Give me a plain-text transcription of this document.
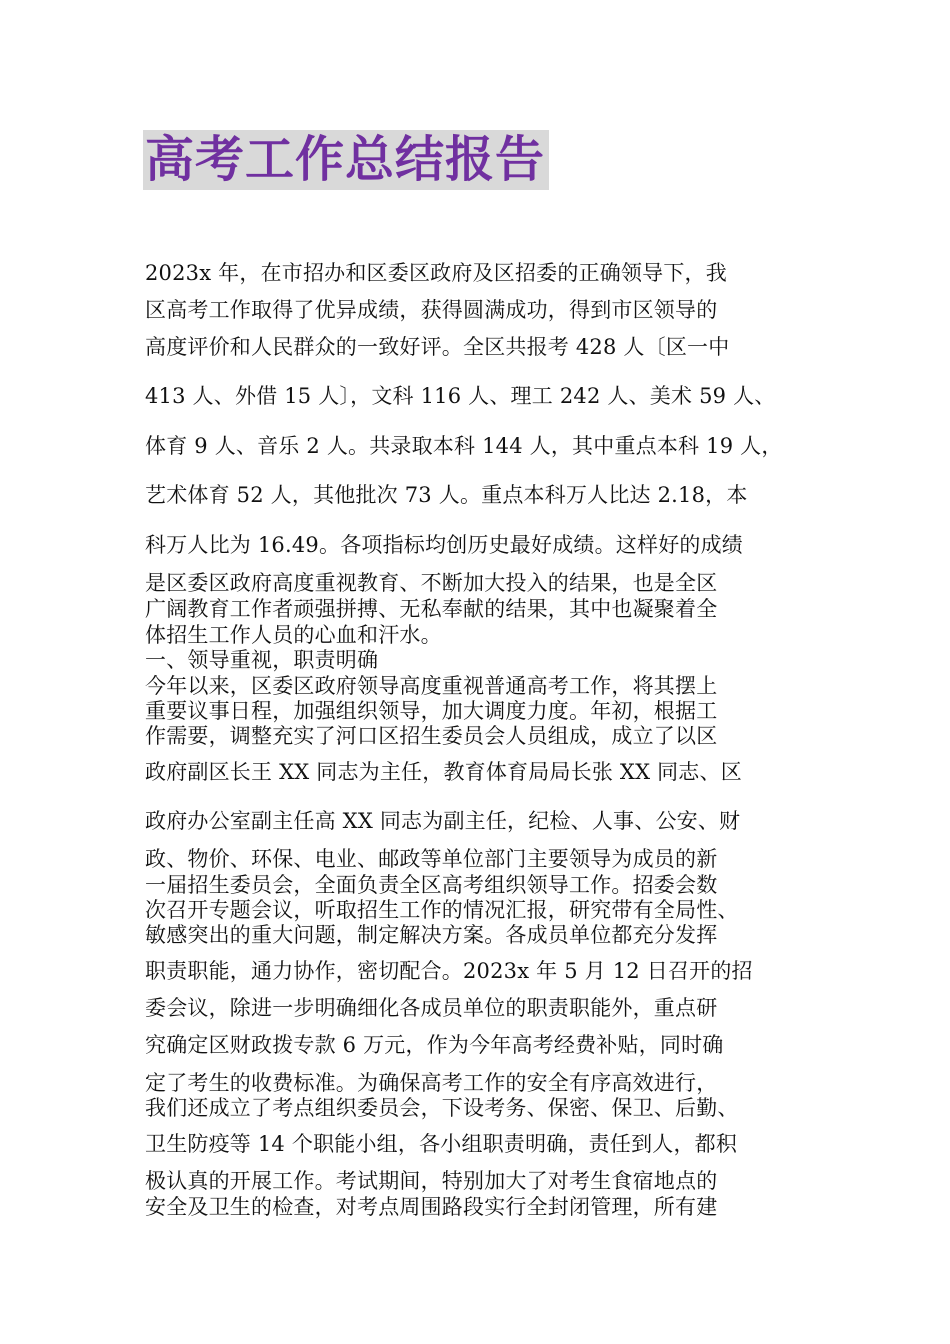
高考工作总结报告
2023x 年，在市招办和区委区政府及区招委的正确领导下，我
区高考工作取得了优异成绩，获得圆满成功，得到市区领导的
高度评价和人民群众的一致好评。全区共报考 428 人〔区一中
413 人、外借 15 人〕，文科 116 人、理工 242 人、美术 59 人、
体育 9 人、音乐 2 人。共录取本科 144 人，其中重点本科 19 人，
艺术体育 52 人，其他批次 73 人。重点本科万人比达 2.18，本
科万人比为 16.49。各项指标均创历史最好成绩。这样好的成绩
是区委区政府高度重视教育、不断加大投入的结果，也是全区
广阔教育工作者顽强拼搏、无私奉献的结果，其中也凝聚着全
体招生工作人员的心血和汗水。
一、领导重视，职责明确
今年以来，区委区政府领导高度重视普通高考工作，将其摆上
重要议事日程，加强组织领导，加大调度力度。年初，根据工
作需要，调整充实了河口区招生委员会人员组成，成立了以区
政府副区长王 XX 同志为主任，教育体育局局长张 XX 同志、区
政府办公室副主任高 XX 同志为副主任，纪检、人事、公安、财
政、物价、环保、电业、邮政等单位部门主要领导为成员的新
一届招生委员会，全面负责全区高考组织领导工作。招委会数
次召开专题会议，听取招生工作的情况汇报，研究带有全局性、
敏感突出的重大问题，制定解决方案。各成员单位都充分发挥
职责职能，通力协作，密切配合。2023x 年 5 月 12 日召开的招
委会议，除进一步明确细化各成员单位的职责职能外，重点研
究确定区财政拨专款 6 万元，作为今年高考经费补贴，同时确
定了考生的收费标准。为确保高考工作的安全有序高效进行，
我们还成立了考点组织委员会，下设考务、保密、保卫、后勤、
卫生防疫等 14 个职能小组，各小组职责明确，责任到人，都积
极认真的开展工作。考试期间，特别加大了对考生食宿地点的
安全及卫生的检查，对考点周围路段实行全封闭管理，所有建
